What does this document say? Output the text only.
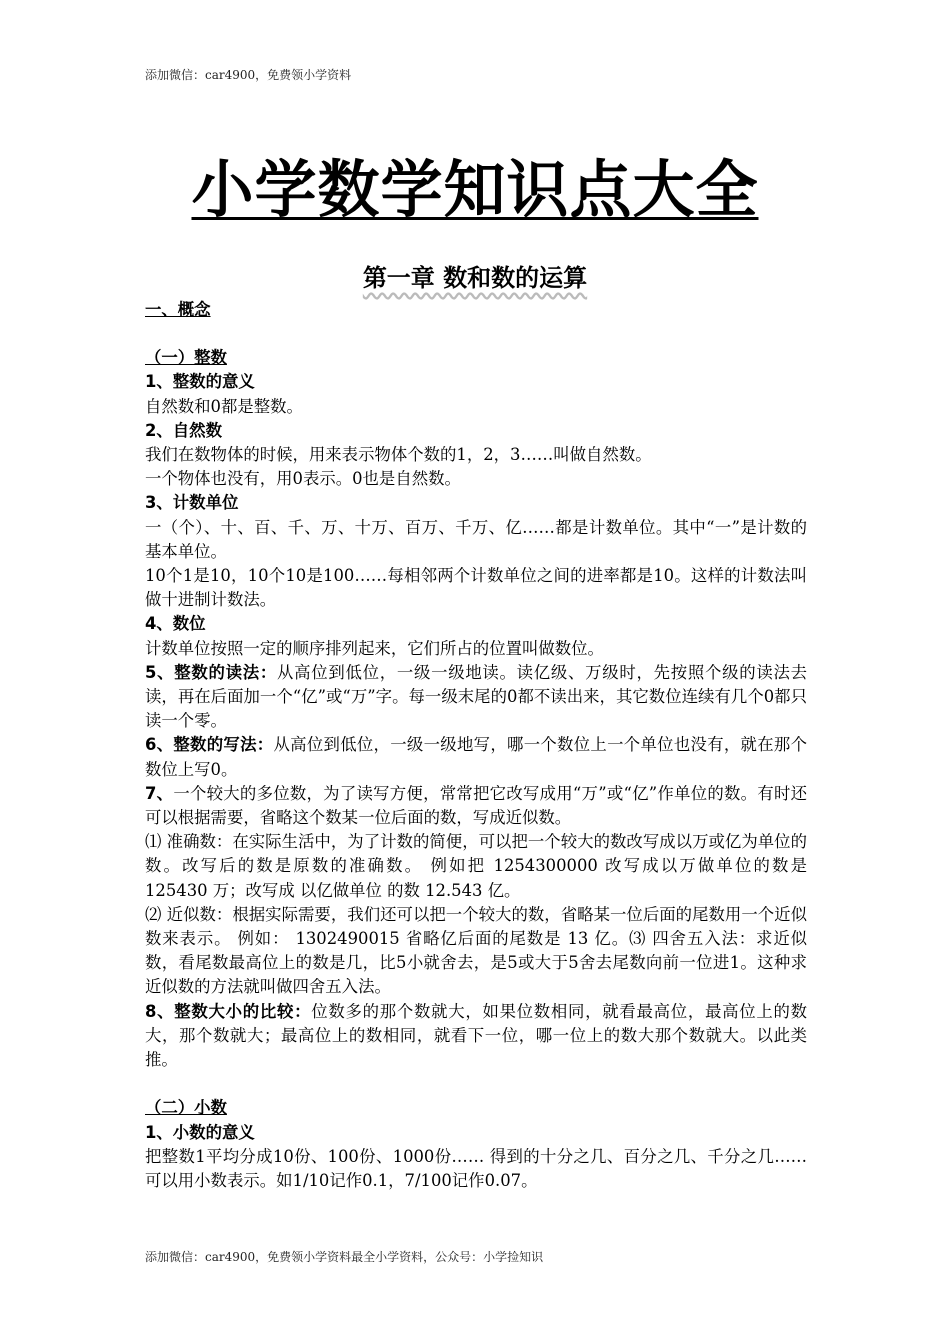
添加微信：car4900，免费领小学资料
小学数学知识点大全
第一章 数和数的运算

一、概念

（一）整数

1、整数的意义

自然数和0都是整数。

2、自然数

我们在数物体的时候，用来表示物体个数的1，2，3……叫做自然数。

一个物体也没有，用0表示。0也是自然数。

3、计数单位

一（个）、十、百、千、万、十万、百万、千万、亿……都是计数单位。其中“一”是计数的基本单位。

10个1是10，10个10是100……每相邻两个计数单位之间的进率都是10。这样的计数法叫做十进制计数法。

4、数位

计数单位按照一定的顺序排列起来，它们所占的位置叫做数位。

5、整数的读法：从高位到低位，一级一级地读。读亿级、万级时，先按照个级的读法去读，再在后面加一个“亿”或“万”字。每一级末尾的0都不读出来，其它数位连续有几个0都只读一个零。

6、整数的写法：从高位到低位，一级一级地写，哪一个数位上一个单位也没有，就在那个数位上写0。

7、一个较大的多位数，为了读写方便，常常把它改写成用“万”或“亿”作单位的数。有时还可以根据需要，省略这个数某一位后面的数，写成近似数。

⑴ 准确数：在实际生活中，为了计数的简便，可以把一个较大的数改写成以万或亿为单位的数。改写后的数是原数的准确数。 例如把 1254300000 改写成以万做单位的数是 125430 万；改写成 以亿做单位 的数 12.543 亿。

⑵ 近似数：根据实际需要，我们还可以把一个较大的数，省略某一位后面的尾数用一个近似数来表示。 例如： 1302490015 省略亿后面的尾数是 13 亿。⑶ 四舍五入法：求近似数，看尾数最高位上的数是几，比5小就舍去，是5或大于5舍去尾数向前一位进1。这种求近似数的方法就叫做四舍五入法。

8、整数大小的比较：位数多的那个数就大，如果位数相同，就看最高位，最高位上的数大，那个数就大；最高位上的数相同，就看下一位，哪一位上的数大那个数就大。以此类推。

（二）小数

1、小数的意义

把整数1平均分成10份、100份、1000份…… 得到的十分之几、百分之几、千分之几…… 可以用小数表示。如1/10记作0.1，7/100记作0.07。

添加微信：car4900，免费领小学资料最全小学资料，公众号：小学捡知识
